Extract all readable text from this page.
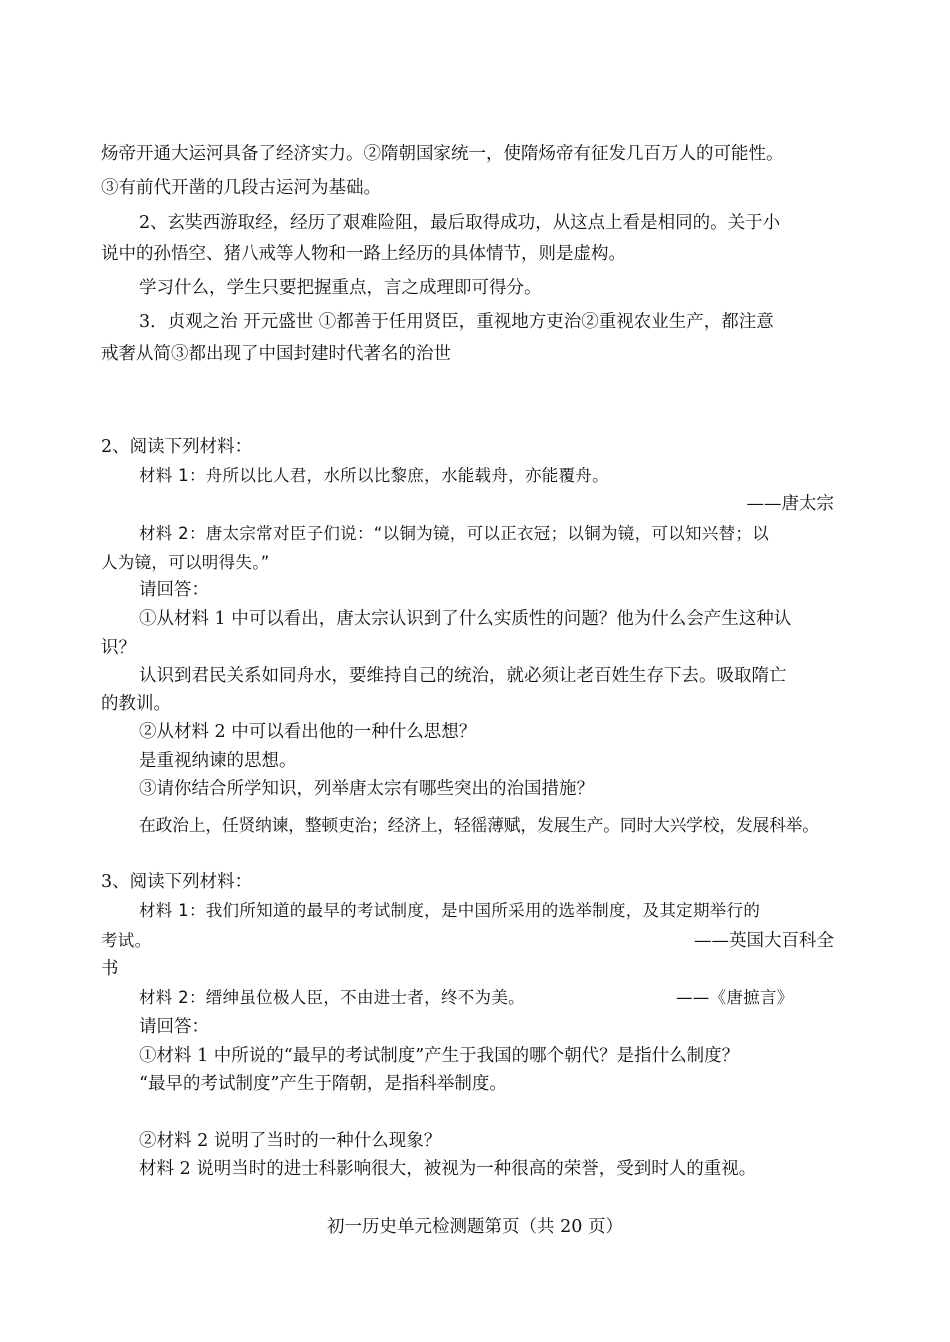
炀帝开通大运河具备了经济实力。②隋朝国家统一，使隋炀帝有征发几百万人的可能性。
③有前代开凿的几段古运河为基础。
2、玄奘西游取经，经历了艰难险阻，最后取得成功，从这点上看是相同的。关于小
说中的孙悟空、猪八戒等人物和一路上经历的具体情节，则是虚构。
学习什么，学生只要把握重点，言之成理即可得分。
3．贞观之治 开元盛世 ①都善于任用贤臣，重视地方吏治②重视农业生产，都注意
戒奢从简③都出现了中国封建时代著名的治世
2、阅读下列材料：
材料 1：舟所以比人君，水所以比黎庶，水能载舟，亦能覆舟。
——唐太宗
材料 2：唐太宗常对臣子们说：“以铜为镜，可以正衣冠；以铜为镜，可以知兴替；以
人为镜，可以明得失。”
请回答：
①从材料 1 中可以看出，唐太宗认识到了什么实质性的问题？他为什么会产生这种认
识？
认识到君民关系如同舟水，要维持自己的统治，就必须让老百姓生存下去。吸取隋亡
的教训。
②从材料 2 中可以看出他的一种什么思想？
是重视纳谏的思想。
③请你结合所学知识，列举唐太宗有哪些突出的治国措施？
在政治上，任贤纳谏，整顿吏治；经济上，轻徭薄赋，发展生产。同时大兴学校，发展科举。
3、阅读下列材料：
材料 1：我们所知道的最早的考试制度，是中国所采用的选举制度，及其定期举行的
考试。	——英国大百科全
书
材料 2：缙绅虽位极人臣，不由进士者，终不为美。	——《唐摭言》
请回答：
①材料 1 中所说的“最早的考试制度”产生于我国的哪个朝代？是指什么制度？
“最早的考试制度”产生于隋朝，是指科举制度。
②材料 2 说明了当时的一种什么现象？
材料 2 说明当时的进士科影响很大，被视为一种很高的荣誉，受到时人的重视。
初一历史单元检测题第页（共 20 页）
